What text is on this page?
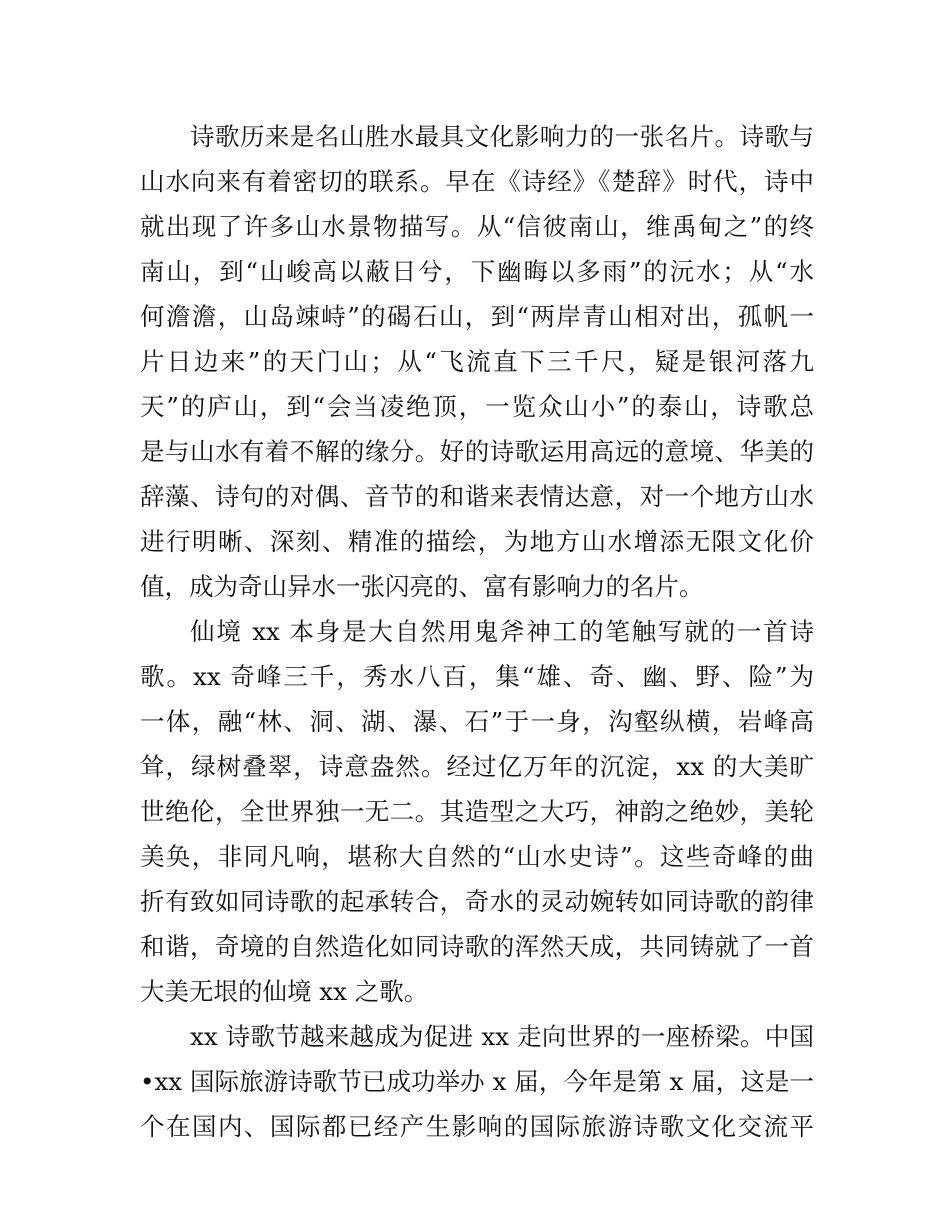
诗歌历来是名山胜水最具文化影响力的一张名片。诗歌与
山水向来有着密切的联系。早在《诗经》《楚辞》时代，诗中
就出现了许多山水景物描写。从“信彼南山，维禹甸之”的终
南山，到“山峻高以蔽日兮，下幽晦以多雨”的沅水；从“水
何澹澹，山岛竦峙”的碣石山，到“两岸青山相对出，孤帆一
片日边来”的天门山；从“飞流直下三千尺，疑是银河落九
天”的庐山，到“会当凌绝顶，一览众山小”的泰山，诗歌总
是与山水有着不解的缘分。好的诗歌运用高远的意境、华美的
辞藻、诗句的对偶、音节的和谐来表情达意，对一个地方山水
进行明晰、深刻、精准的描绘，为地方山水增添无限文化价
值，成为奇山异水一张闪亮的、富有影响力的名片。
仙境 xx 本身是大自然用鬼斧神工的笔触写就的一首诗
歌。xx 奇峰三千，秀水八百，集“雄、奇、幽、野、险”为
一体，融“林、洞、湖、瀑、石”于一身，沟壑纵横，岩峰高
耸，绿树叠翠，诗意盎然。经过亿万年的沉淀，xx 的大美旷
世绝伦，全世界独一无二。其造型之大巧，神韵之绝妙，美轮
美奂，非同凡响，堪称大自然的“山水史诗”。这些奇峰的曲
折有致如同诗歌的起承转合，奇水的灵动婉转如同诗歌的韵律
和谐，奇境的自然造化如同诗歌的浑然天成，共同铸就了一首
大美无垠的仙境 xx 之歌。
xx 诗歌节越来越成为促进 xx 走向世界的一座桥梁。中国
•xx 国际旅游诗歌节已成功举办 x 届，今年是第 x 届，这是一
个在国内、国际都已经产生影响的国际旅游诗歌文化交流平
